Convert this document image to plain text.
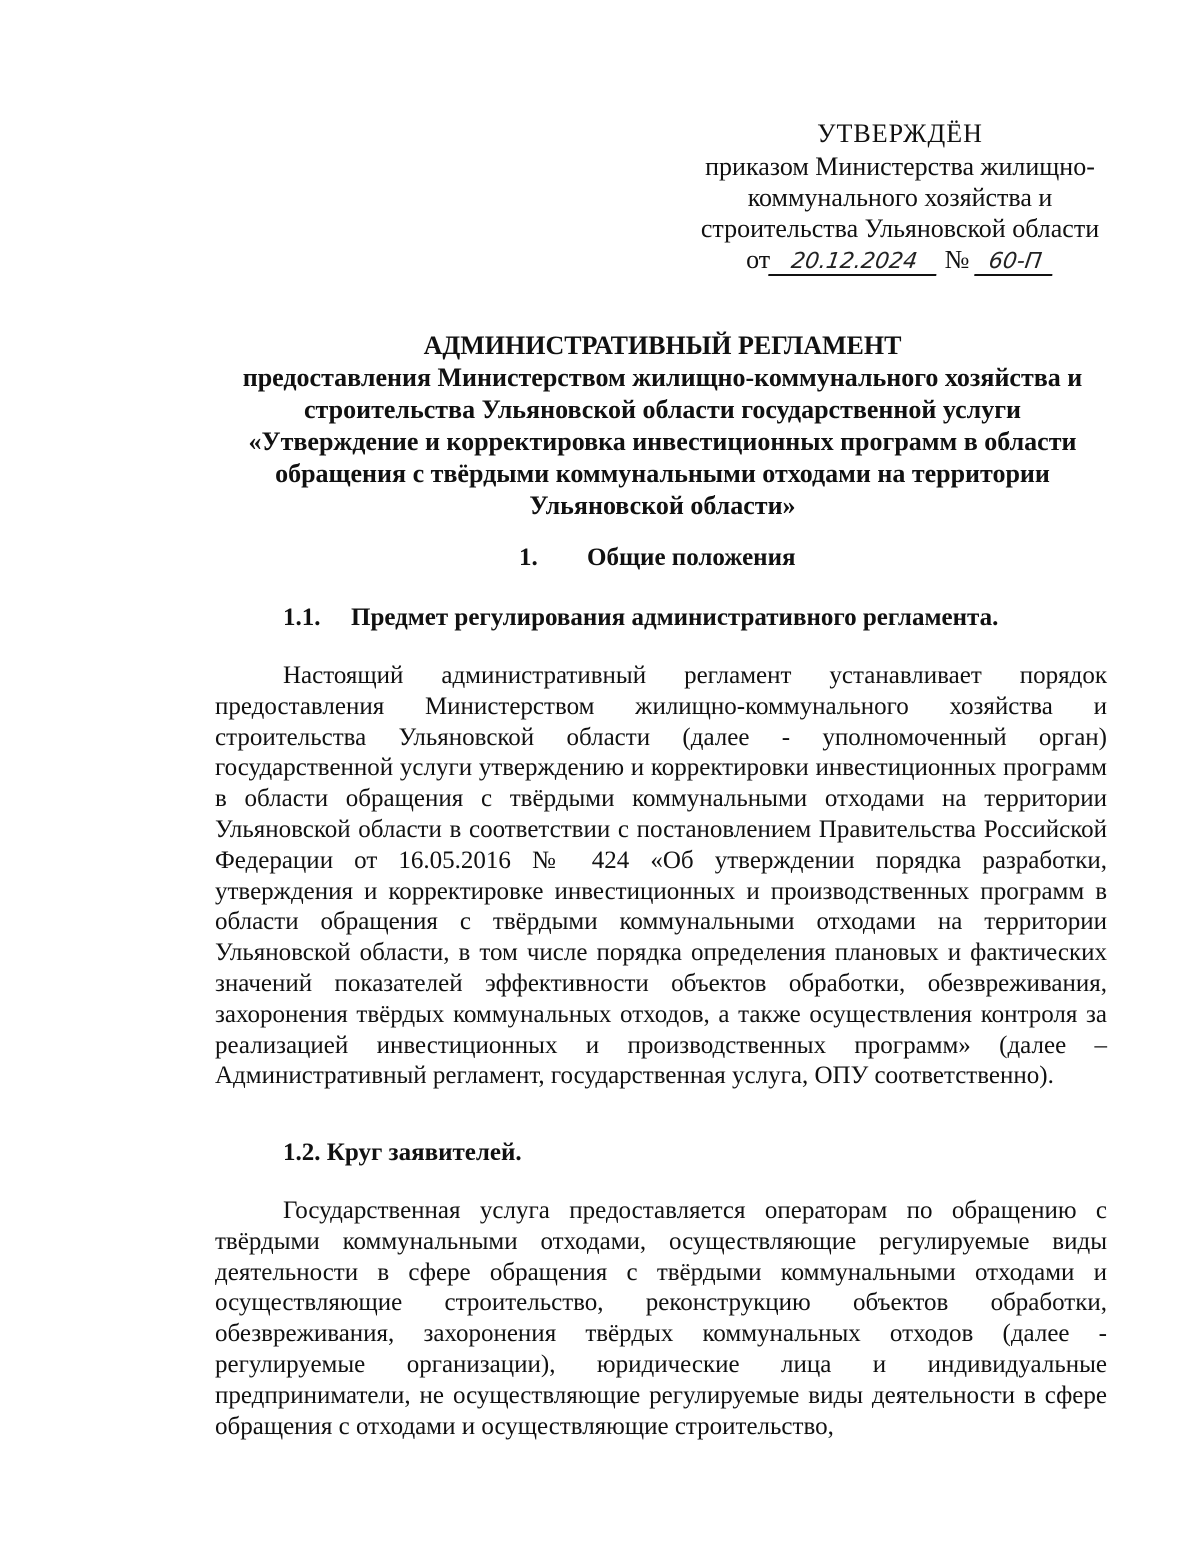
УТВЕРЖДЁН
приказом Министерства жилищно-
коммунального хозяйства и
строительства Ульяновской области
от 20.12.2024 № 60-П
АДМИНИСТРАТИВНЫЙ РЕГЛАМЕНТ
предоставления Министерством жилищно-коммунального хозяйства и
строительства Ульяновской области государственной услуги
«Утверждение и корректировка инвестиционных программ в области
обращения с твёрдыми коммунальными отходами на территории
Ульяновской области»
1. Общие положения
1.1. Предмет регулирования административного регламента.
Настоящий административный регламент устанавливает порядок предоставления Министерством жилищно-коммунального хозяйства и строительства Ульяновской области (далее - уполномоченный орган) государственной услуги утверждению и корректировки инвестиционных программ в области обращения с твёрдыми коммунальными отходами на территории Ульяновской области в соответствии с постановлением Правительства Российской Федерации от 16.05.2016 № 424 «Об утверждении порядка разработки, утверждения и корректировке инвестиционных и производственных программ в области обращения с твёрдыми коммунальными отходами на территории Ульяновской области, в том числе порядка определения плановых и фактических значений показателей эффективности объектов обработки, обезвреживания, захоронения твёрдых коммунальных отходов, а также осуществления контроля за реализацией инвестиционных и производственных программ» (далее – Административный регламент, государственная услуга, ОПУ соответственно).
1.2. Круг заявителей.
Государственная услуга предоставляется операторам по обращению с твёрдыми коммунальными отходами, осуществляющие регулируемые виды деятельности в сфере обращения с твёрдыми коммунальными отходами и осуществляющие строительство, реконструкцию объектов обработки, обезвреживания, захоронения твёрдых коммунальных отходов (далее - регулируемые организации), юридические лица и индивидуальные предприниматели, не осуществляющие регулируемые виды деятельности в сфере обращения с отходами и осуществляющие строительство,
